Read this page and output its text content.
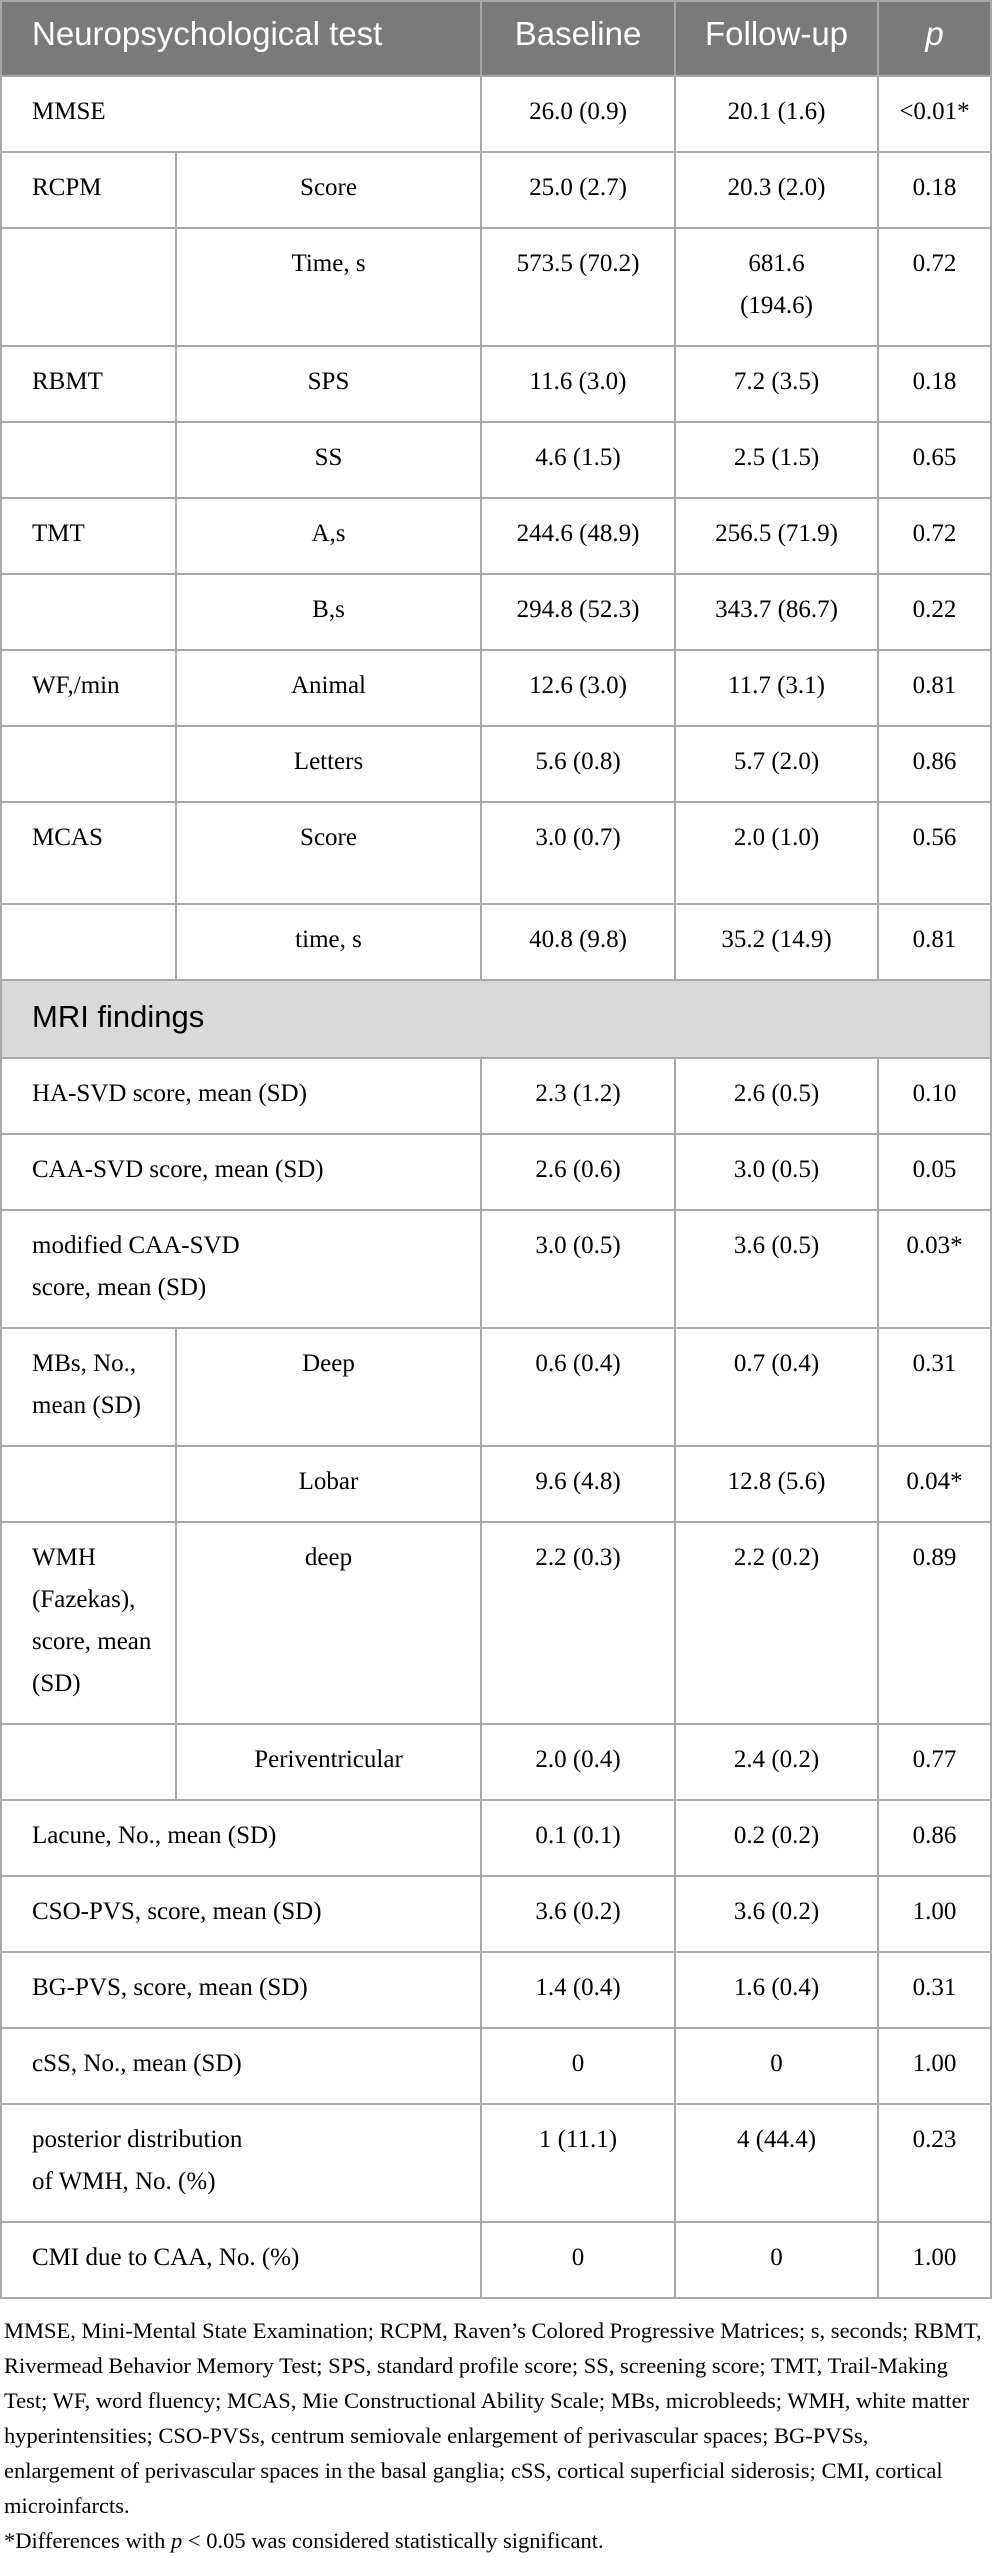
Neuropsychological test		Baseline	Follow-up	p
MMSE		26.0 (0.9)	20.1 (1.6)	<0.01*
RCPM	Score	25.0 (2.7)	20.3 (2.0)	0.18
	Time, s	573.5 (70.2)	681.6 (194.6)	0.72
RBMT	SPS	11.6 (3.0)	7.2 (3.5)	0.18
	SS	4.6 (1.5)	2.5 (1.5)	0.65
TMT	A,s	244.6 (48.9)	256.5 (71.9)	0.72
	B,s	294.8 (52.3)	343.7 (86.7)	0.22
WF,/min	Animal	12.6 (3.0)	11.7 (3.1)	0.81
	Letters	5.6 (0.8)	5.7 (2.0)	0.86
MCAS	Score	3.0 (0.7)	2.0 (1.0)	0.56
	time, s	40.8 (9.8)	35.2 (14.9)	0.81
MRI findings				
HA-SVD score, mean (SD)		2.3 (1.2)	2.6 (0.5)	0.10
CAA-SVD score, mean (SD)		2.6 (0.6)	3.0 (0.5)	0.05
modified CAA-SVD score, mean (SD)		3.0 (0.5)	3.6 (0.5)	0.03*
MBs, No., mean (SD)	Deep	0.6 (0.4)	0.7 (0.4)	0.31
	Lobar	9.6 (4.8)	12.8 (5.6)	0.04*
WMH (Fazekas), score, mean (SD)	deep	2.2 (0.3)	2.2 (0.2)	0.89
	Periventricular	2.0 (0.4)	2.4 (0.2)	0.77
Lacune, No., mean (SD)		0.1 (0.1)	0.2 (0.2)	0.86
CSO-PVS, score, mean (SD)		3.6 (0.2)	3.6 (0.2)	1.00
BG-PVS, score, mean (SD)		1.4 (0.4)	1.6 (0.4)	0.31
cSS, No., mean (SD)		0	0	1.00
posterior distribution of WMH, No. (%)		1 (11.1)	4 (44.4)	0.23
CMI due to CAA, No. (%)		0	0	1.00

MMSE, Mini-Mental State Examination; RCPM, Raven’s Colored Progressive Matrices; s, seconds; RBMT, Rivermead Behavior Memory Test; SPS, standard profile score; SS, screening score; TMT, Trail-Making Test; WF, word fluency; MCAS, Mie Constructional Ability Scale; MBs, microbleeds; WMH, white matter hyperintensities; CSO-PVSs, centrum semiovale enlargement of perivascular spaces; BG-PVSs, enlargement of perivascular spaces in the basal ganglia; cSS, cortical superficial siderosis; CMI, cortical microinfarcts.

*Differences with p < 0.05 was considered statistically significant.
